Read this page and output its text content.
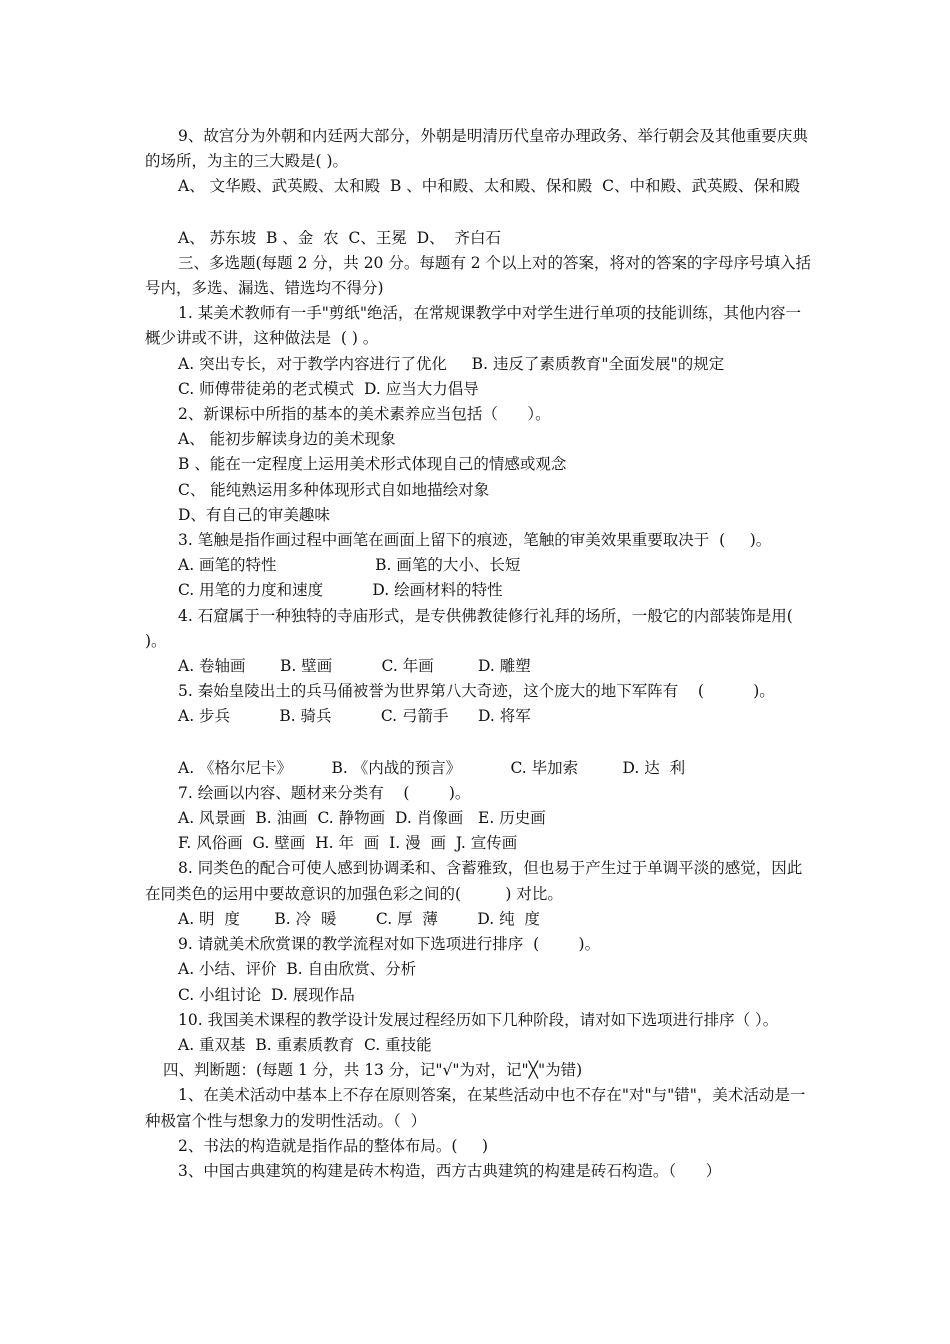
9、故宫分为外朝和内廷两大部分，外朝是明清历代皇帝办理政务、举行朝会及其他重要庆典的场所，为主的三大殿是( )。
A、 文华殿、武英殿、太和殿  B 、中和殿、太和殿、保和殿  C、中和殿、武英殿、保和殿
A、 苏东坡  B 、金  农  C、王冕  D、  齐白石
三、多选题(每题 2 分，共 20 分。每题有 2 个以上对的答案，将对的答案的字母序号填入括号内，多选、漏选、错选均不得分)
1. 某美术教师有一手"剪纸"绝活，在常规课教学中对学生进行单项的技能训练，其他内容一概少讲或不讲，这种做法是  ( ) 。
A. 突出专长，对于教学内容进行了优化     B. 违反了素质教育"全面发展"的规定
C. 师傅带徒弟的老式模式  D. 应当大力倡导
2、新课标中所指的基本的美术素养应当包括（      ）。
A、 能初步解读身边的美术现象
B 、能在一定程度上运用美术形式体现自己的情感或观念
C、 能纯熟运用多种体现形式自如地描绘对象
D、有自己的审美趣味
3. 笔触是指作画过程中画笔在画面上留下的痕迹，笔触的审美效果重要取决于  (     )。
A. 画笔的特性                    B. 画笔的大小、长短
C. 用笔的力度和速度          D. 绘画材料的特性
4. 石窟属于一种独特的寺庙形式，是专供佛教徒修行礼拜的场所，一般它的内部装饰是用(         )。
A. 卷轴画       B. 壁画          C. 年画         D. 雕塑
5. 秦始皇陵出土的兵马俑被誉为世界第八大奇迹，这个庞大的地下军阵有    (          )。
A. 步兵          B. 骑兵          C. 弓箭手      D. 将军
A. 《格尔尼卡》        B. 《内战的预言》          C. 毕加索         D. 达  利
7. 绘画以内容、题材来分类有    (        )。
A. 风景画  B. 油画  C. 静物画  D. 肖像画   E. 历史画
F. 风俗画  G. 壁画  H. 年  画  I. 漫  画  J. 宣传画
8. 同类色的配合可使人感到协调柔和、含蓄雅致，但也易于产生过于单调平淡的感觉，因此在同类色的运用中要故意识的加强色彩之间的(         ) 对比。
A. 明  度       B. 冷  暖        C. 厚  薄        D. 纯  度
9. 请就美术欣赏课的教学流程对如下选项进行排序  (        )。
A. 小结、评价  B. 自由欣赏、分析
C. 小组讨论  D. 展现作品
10. 我国美术课程的教学设计发展过程经历如下几种阶段，请对如下选项进行排序（ ）。
A. 重双基  B. 重素质教育  C. 重技能
四、判断题：(每题 1 分，共 13 分，记"√"为对，记"╳"为错)
1、在美术活动中基本上不存在原则答案，在某些活动中也不存在"对"与"错"，美术活动是一种极富个性与想象力的发明性活动。（  ）
2、书法的构造就是指作品的整体布局。(     )
3、中国古典建筑的构建是砖木构造，西方古典建筑的构建是砖石构造。（      ）
